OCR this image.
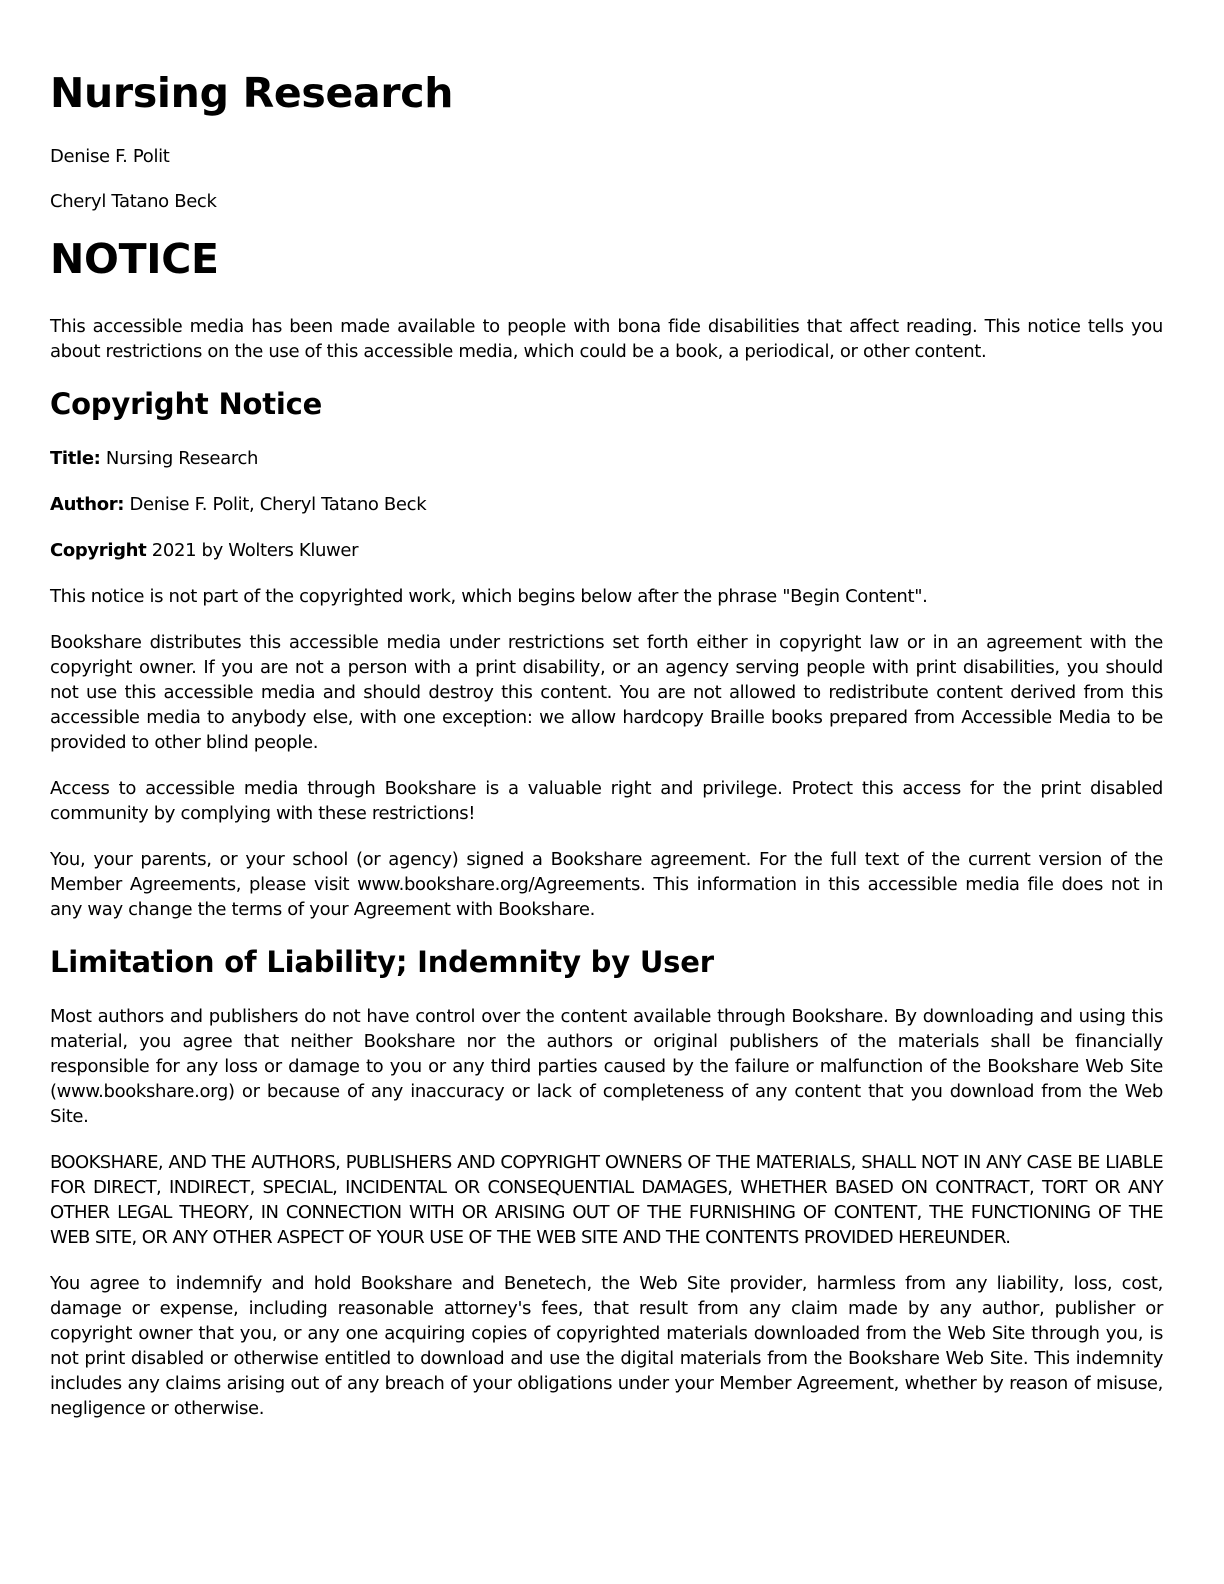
Nursing Research

Denise F. Polit

Cheryl Tatano Beck

NOTICE

This accessible media has been made available to people with bona fide disabilities that affect reading. This notice tells you about restrictions on the use of this accessible media, which could be a book, a periodical, or other content.

Copyright Notice

Title: Nursing Research

Author: Denise F. Polit, Cheryl Tatano Beck

Copyright 2021 by Wolters Kluwer

This notice is not part of the copyrighted work, which begins below after the phrase "Begin Content".

Bookshare distributes this accessible media under restrictions set forth either in copyright law or in an agreement with the copyright owner. If you are not a person with a print disability, or an agency serving people with print disabilities, you should not use this accessible media and should destroy this content. You are not allowed to redistribute content derived from this accessible media to anybody else, with one exception: we allow hardcopy Braille books prepared from Accessible Media to be provided to other blind people.

Access to accessible media through Bookshare is a valuable right and privilege. Protect this access for the print disabled community by complying with these restrictions!

You, your parents, or your school (or agency) signed a Bookshare agreement. For the full text of the current version of the Member Agreements, please visit www.bookshare.org/Agreements. This information in this accessible media file does not in any way change the terms of your Agreement with Bookshare.

Limitation of Liability; Indemnity by User

Most authors and publishers do not have control over the content available through Bookshare. By downloading and using this material, you agree that neither Bookshare nor the authors or original publishers of the materials shall be financially responsible for any loss or damage to you or any third parties caused by the failure or malfunction of the Bookshare Web Site (www.bookshare.org) or because of any inaccuracy or lack of completeness of any content that you download from the Web Site.

BOOKSHARE, AND THE AUTHORS, PUBLISHERS AND COPYRIGHT OWNERS OF THE MATERIALS, SHALL NOT IN ANY CASE BE LIABLE FOR DIRECT, INDIRECT, SPECIAL, INCIDENTAL OR CONSEQUENTIAL DAMAGES, WHETHER BASED ON CONTRACT, TORT OR ANY OTHER LEGAL THEORY, IN CONNECTION WITH OR ARISING OUT OF THE FURNISHING OF CONTENT, THE FUNCTIONING OF THE WEB SITE, OR ANY OTHER ASPECT OF YOUR USE OF THE WEB SITE AND THE CONTENTS PROVIDED HEREUNDER.

You agree to indemnify and hold Bookshare and Benetech, the Web Site provider, harmless from any liability, loss, cost, damage or expense, including reasonable attorney's fees, that result from any claim made by any author, publisher or copyright owner that you, or any one acquiring copies of copyrighted materials downloaded from the Web Site through you, is not print disabled or otherwise entitled to download and use the digital materials from the Bookshare Web Site. This indemnity includes any claims arising out of any breach of your obligations under your Member Agreement, whether by reason of misuse, negligence or otherwise.
